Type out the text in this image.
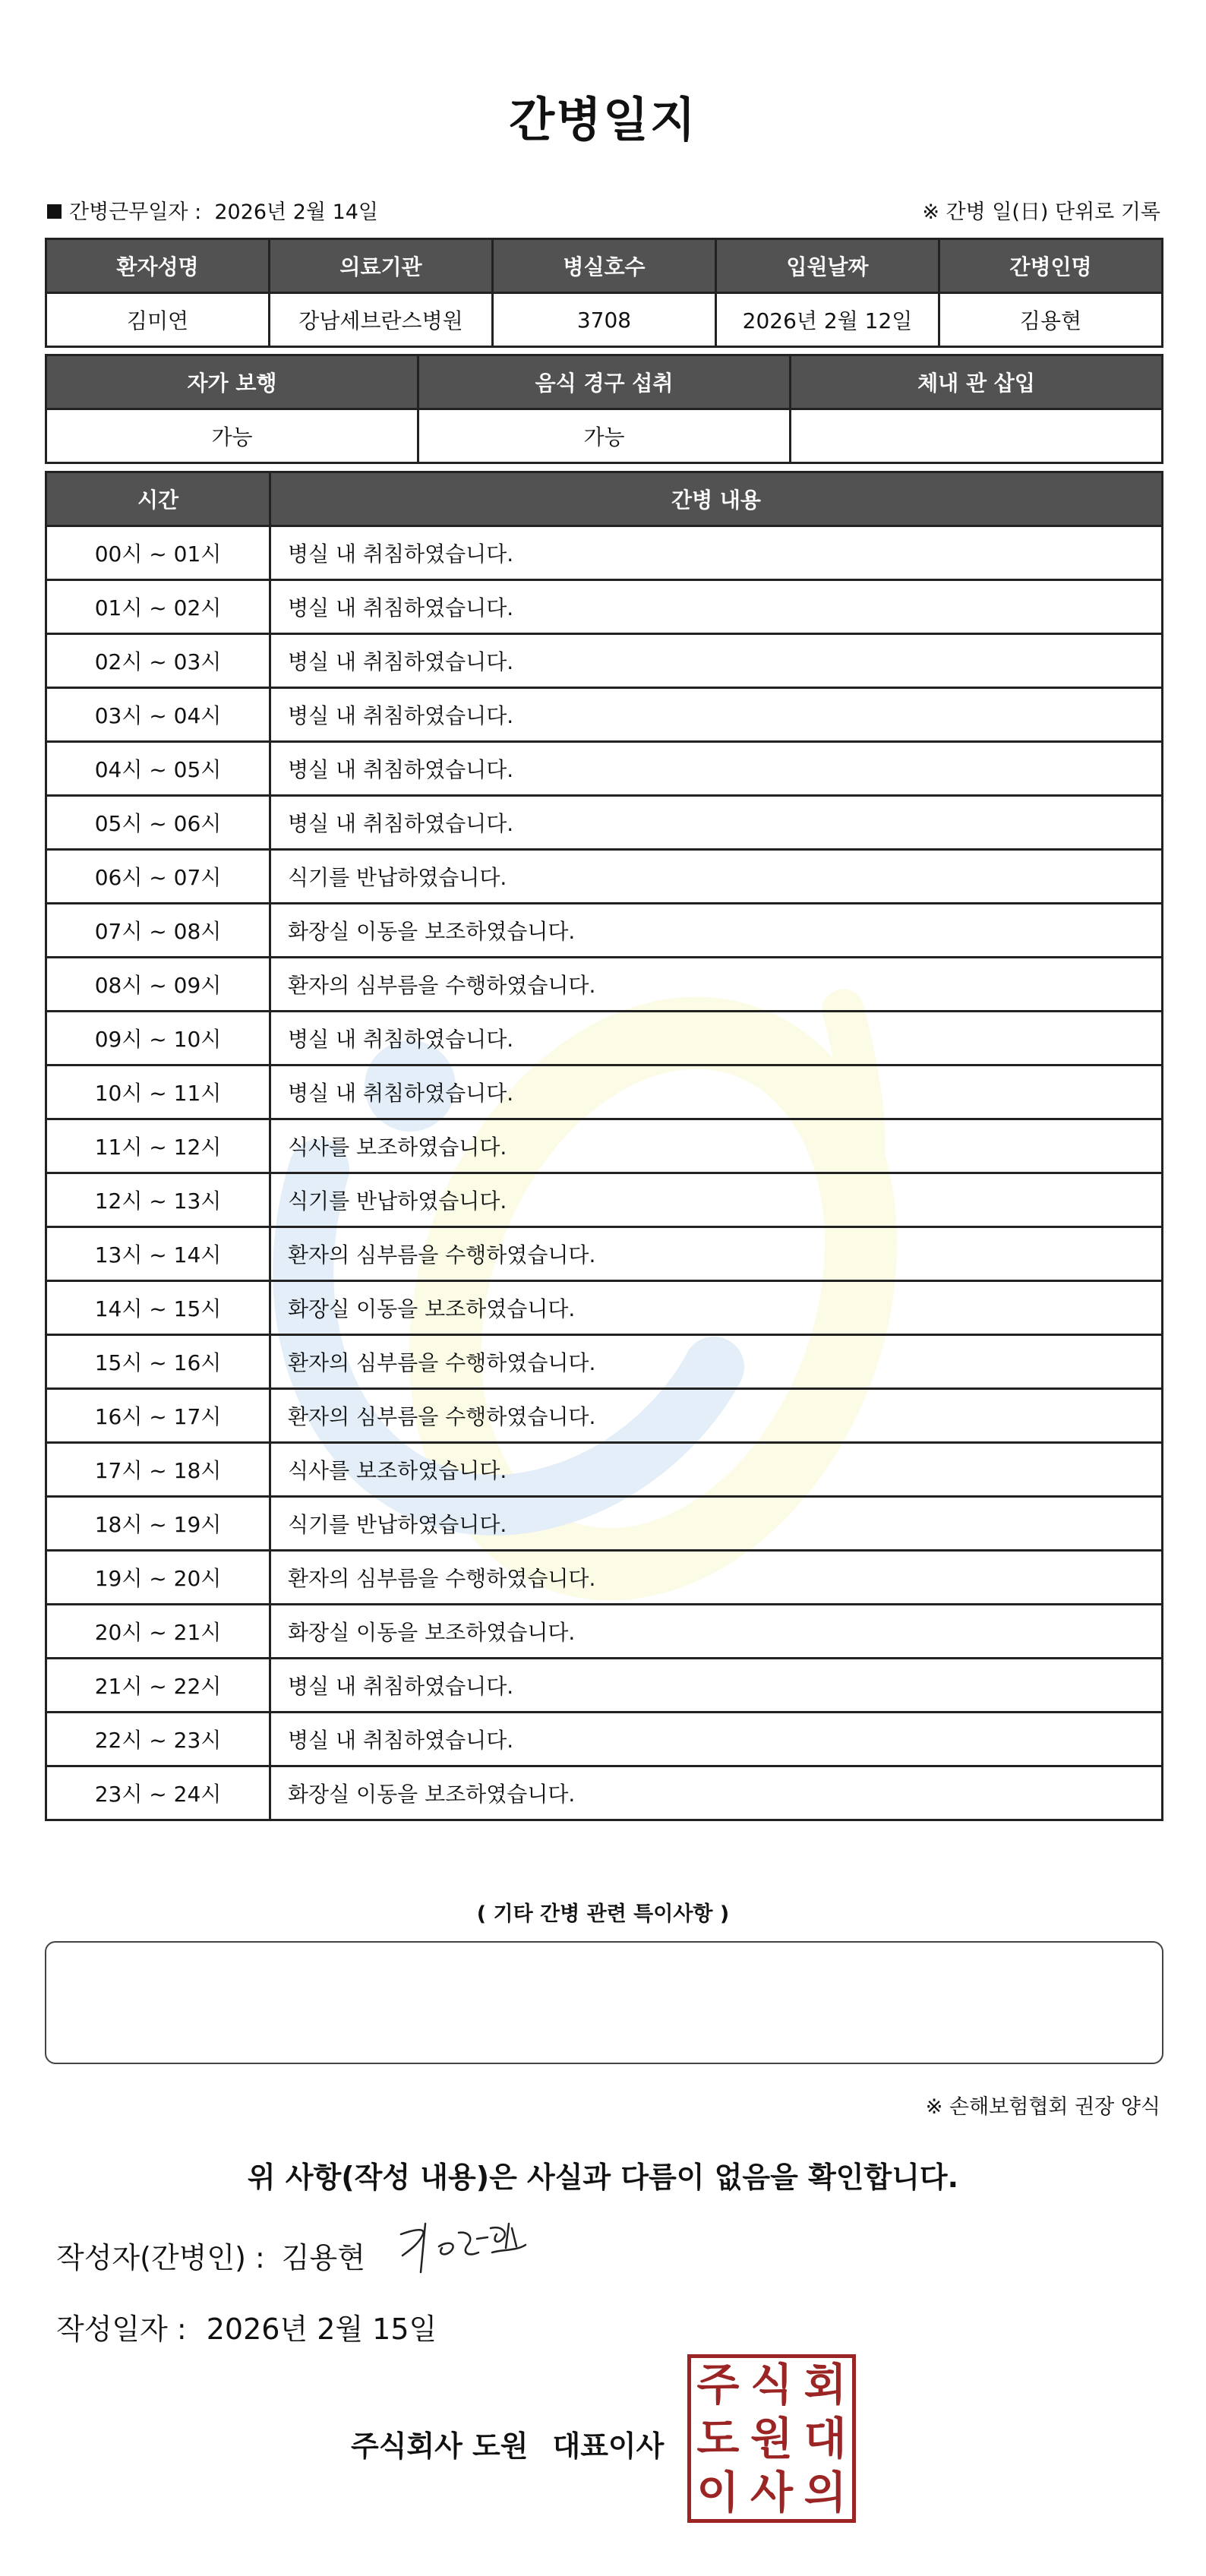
간병일지
간병근무일자 : 2026년 2월 14일	※ 간병 일(日) 단위로 기록
환자성명	의료기관	병실호수	입원날짜	간병인명
김미연	강남세브란스병원	3708	2026년 2월 12일	김용현
자가 보행	음식 경구 섭취	체내 관 삽입
가능	가능	
시간	간병 내용
00시 ~ 01시	병실 내 취침하였습니다.
01시 ~ 02시	병실 내 취침하였습니다.
02시 ~ 03시	병실 내 취침하였습니다.
03시 ~ 04시	병실 내 취침하였습니다.
04시 ~ 05시	병실 내 취침하였습니다.
05시 ~ 06시	병실 내 취침하였습니다.
06시 ~ 07시	식기를 반납하였습니다.
07시 ~ 08시	화장실 이동을 보조하였습니다.
08시 ~ 09시	환자의 심부름을 수행하였습니다.
09시 ~ 10시	병실 내 취침하였습니다.
10시 ~ 11시	병실 내 취침하였습니다.
11시 ~ 12시	식사를 보조하였습니다.
12시 ~ 13시	식기를 반납하였습니다.
13시 ~ 14시	환자의 심부름을 수행하였습니다.
14시 ~ 15시	화장실 이동을 보조하였습니다.
15시 ~ 16시	환자의 심부름을 수행하였습니다.
16시 ~ 17시	환자의 심부름을 수행하였습니다.
17시 ~ 18시	식사를 보조하였습니다.
18시 ~ 19시	식기를 반납하였습니다.
19시 ~ 20시	환자의 심부름을 수행하였습니다.
20시 ~ 21시	화장실 이동을 보조하였습니다.
21시 ~ 22시	병실 내 취침하였습니다.
22시 ~ 23시	병실 내 취침하였습니다.
23시 ~ 24시	화장실 이동을 보조하였습니다.
( 기타 간병 관련 특이사항 )
※ 손해보험협회 권장 양식
위 사항(작성 내용)은 사실과 다름이 없음을 확인합니다.
작성자(간병인) : 김용현
작성일자 : 2026년 2월 15일
주식회사 도원 대표이사
주 식 회
도 원 대
이 사 의
